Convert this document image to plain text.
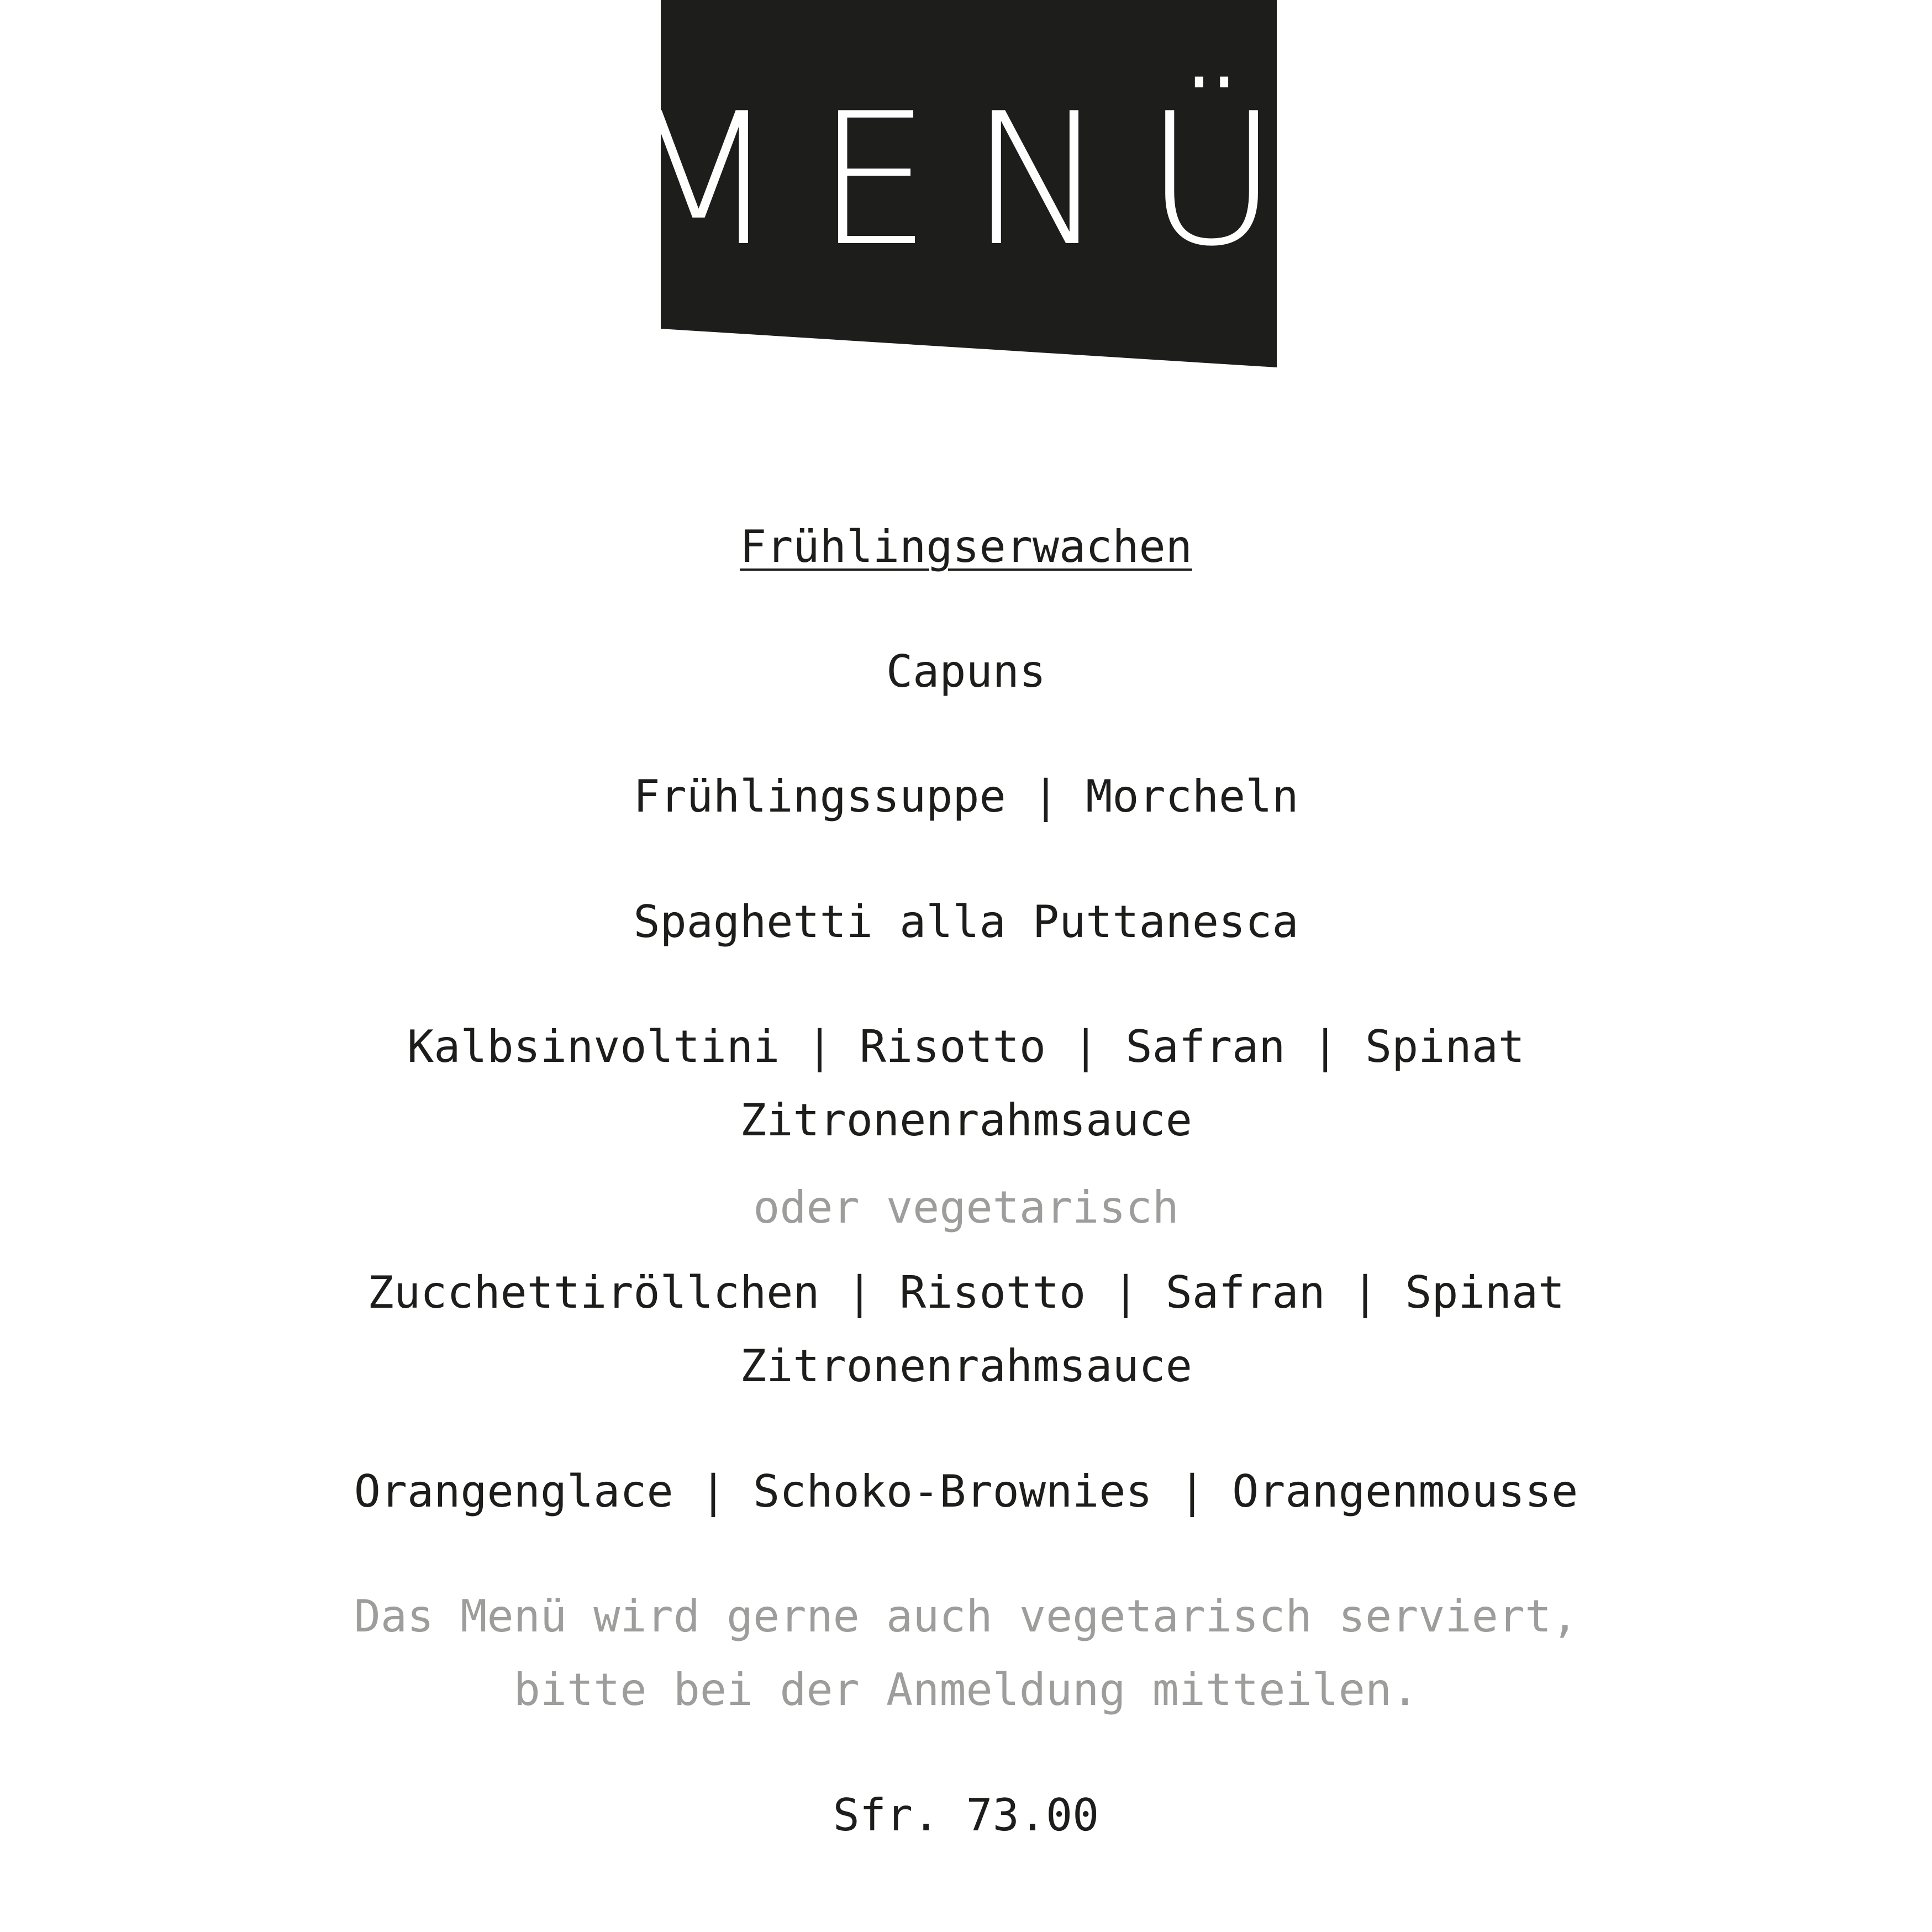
MENÜ
Frühlingserwachen
Capuns
Frühlingssuppe | Morcheln
Spaghetti alla Puttanesca
Kalbsinvoltini | Risotto | Safran | Spinat
Zitronenrahmsauce
oder vegetarisch
Zucchettiröllchen | Risotto | Safran | Spinat
Zitronenrahmsauce
Orangenglace | Schoko-Brownies | Orangenmousse
Das Menü wird gerne auch vegetarisch serviert,
bitte bei der Anmeldung mitteilen.
Sfr. 73.00
